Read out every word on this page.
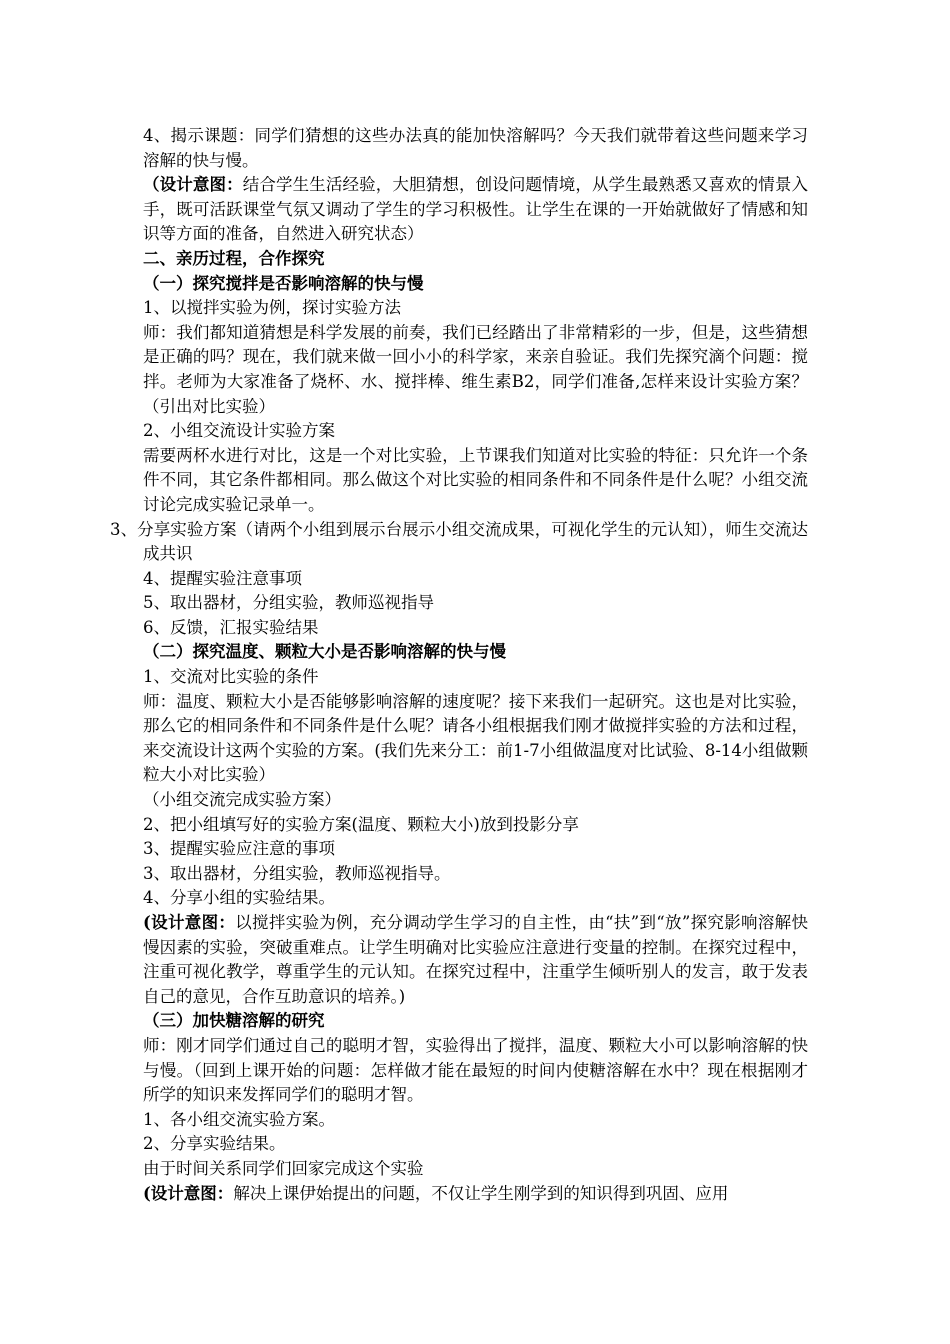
4、揭示课题：同学们猜想的这些办法真的能加快溶解吗？今天我们就带着这些问题来学习溶解的快与慢。

（设计意图：结合学生生活经验，大胆猜想，创设问题情境，从学生最熟悉又喜欢的情景入手，既可活跃课堂气氛又调动了学生的学习积极性。让学生在课的一开始就做好了情感和知识等方面的准备，自然进入研究状态）

二、亲历过程，合作探究

（一）探究搅拌是否影响溶解的快与慢

1、以搅拌实验为例，探讨实验方法

师：我们都知道猜想是科学发展的前奏，我们已经踏出了非常精彩的一步，但是，这些猜想是正确的吗？现在，我们就来做一回小小的科学家，来亲自验证。我们先探究滴个问题：搅拌。老师为大家准备了烧杯、水、搅拌棒、维生素B2，同学们准备,怎样来设计实验方案？（引出对比实验）

2、小组交流设计实验方案

需要两杯水进行对比，这是一个对比实验，上节课我们知道对比实验的特征：只允许一个条件不同，其它条件都相同。那么做这个对比实验的相同条件和不同条件是什么呢？小组交流讨论完成实验记录单一。

3、分享实验方案（请两个小组到展示台展示小组交流成果，可视化学生的元认知），师生交流达成共识

4、提醒实验注意事项

5、取出器材，分组实验，教师巡视指导

6、反馈，汇报实验结果

（二）探究温度、颗粒大小是否影响溶解的快与慢

1、交流对比实验的条件

师：温度、颗粒大小是否能够影响溶解的速度呢？接下来我们一起研究。这也是对比实验，那么它的相同条件和不同条件是什么呢？请各小组根据我们刚才做搅拌实验的方法和过程，来交流设计这两个实验的方案。(我们先来分工：前1-7小组做温度对比试验、8-14小组做颗粒大小对比实验）

（小组交流完成实验方案）

2、把小组填写好的实验方案(温度、颗粒大小)放到投影分享

3、提醒实验应注意的事项

3、取出器材，分组实验，教师巡视指导。

4、分享小组的实验结果。

(设计意图：以搅拌实验为例，充分调动学生学习的自主性，由“扶”到“放”探究影响溶解快慢因素的实验，突破重难点。让学生明确对比实验应注意进行变量的控制。在探究过程中，注重可视化教学，尊重学生的元认知。在探究过程中，注重学生倾听别人的发言，敢于发表自己的意见，合作互助意识的培养。)

（三）加快糖溶解的研究

师：刚才同学们通过自己的聪明才智，实验得出了搅拌，温度、颗粒大小可以影响溶解的快与慢。（回到上课开始的问题：怎样做才能在最短的时间内使糖溶解在水中？现在根据刚才所学的知识来发挥同学们的聪明才智。

1、各小组交流实验方案。

2、分享实验结果。

由于时间关系同学们回家完成这个实验

(设计意图：解决上课伊始提出的问题，不仅让学生刚学到的知识得到巩固、应用
